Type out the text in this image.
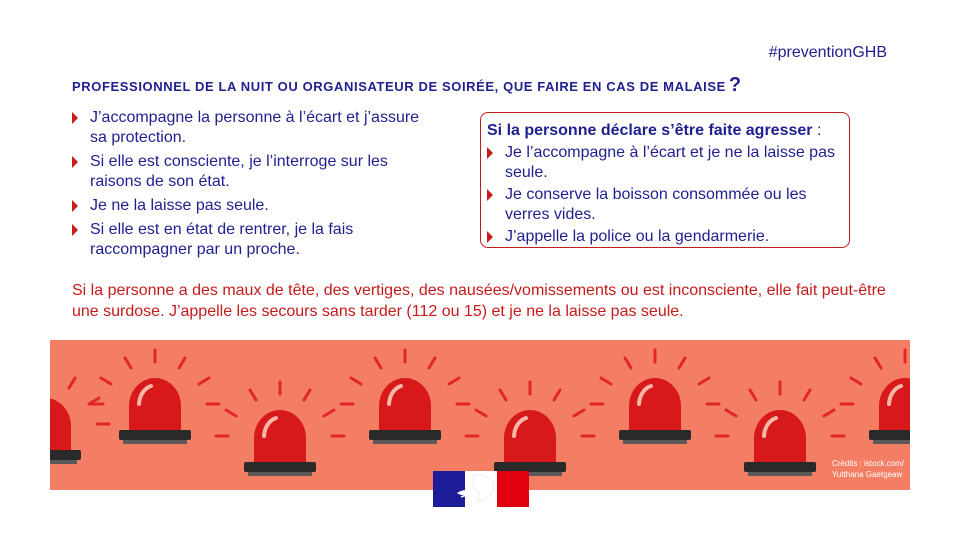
#preventionGHB
PROFESSIONNEL DE LA NUIT OU ORGANISATEUR DE SOIRÉE, QUE FAIRE EN CAS DE MALAISE ?
J’accompagne la personne à l’écart et j’assure sa protection.
Si elle est consciente, je l’interroge sur les raisons de son état.
Je ne la laisse pas seule.
Si elle est en état de rentrer, je la fais raccompagner par un proche.
Si la personne déclare s’être faite agresser :
Je l’accompagne à l’écart et je ne la laisse pas seule.
Je conserve la boisson consommée ou les verres vides.
J’appelle la police ou la gendarmerie.
Si la personne a des maux de tête, des vertiges, des nausées/vomissements ou est inconsciente, elle fait peut-être une surdose. J’appelle les secours sans tarder (112 ou 15) et je ne la laisse pas seule.
Crédits : istock.com/
Yutthana Gaetgeaw
